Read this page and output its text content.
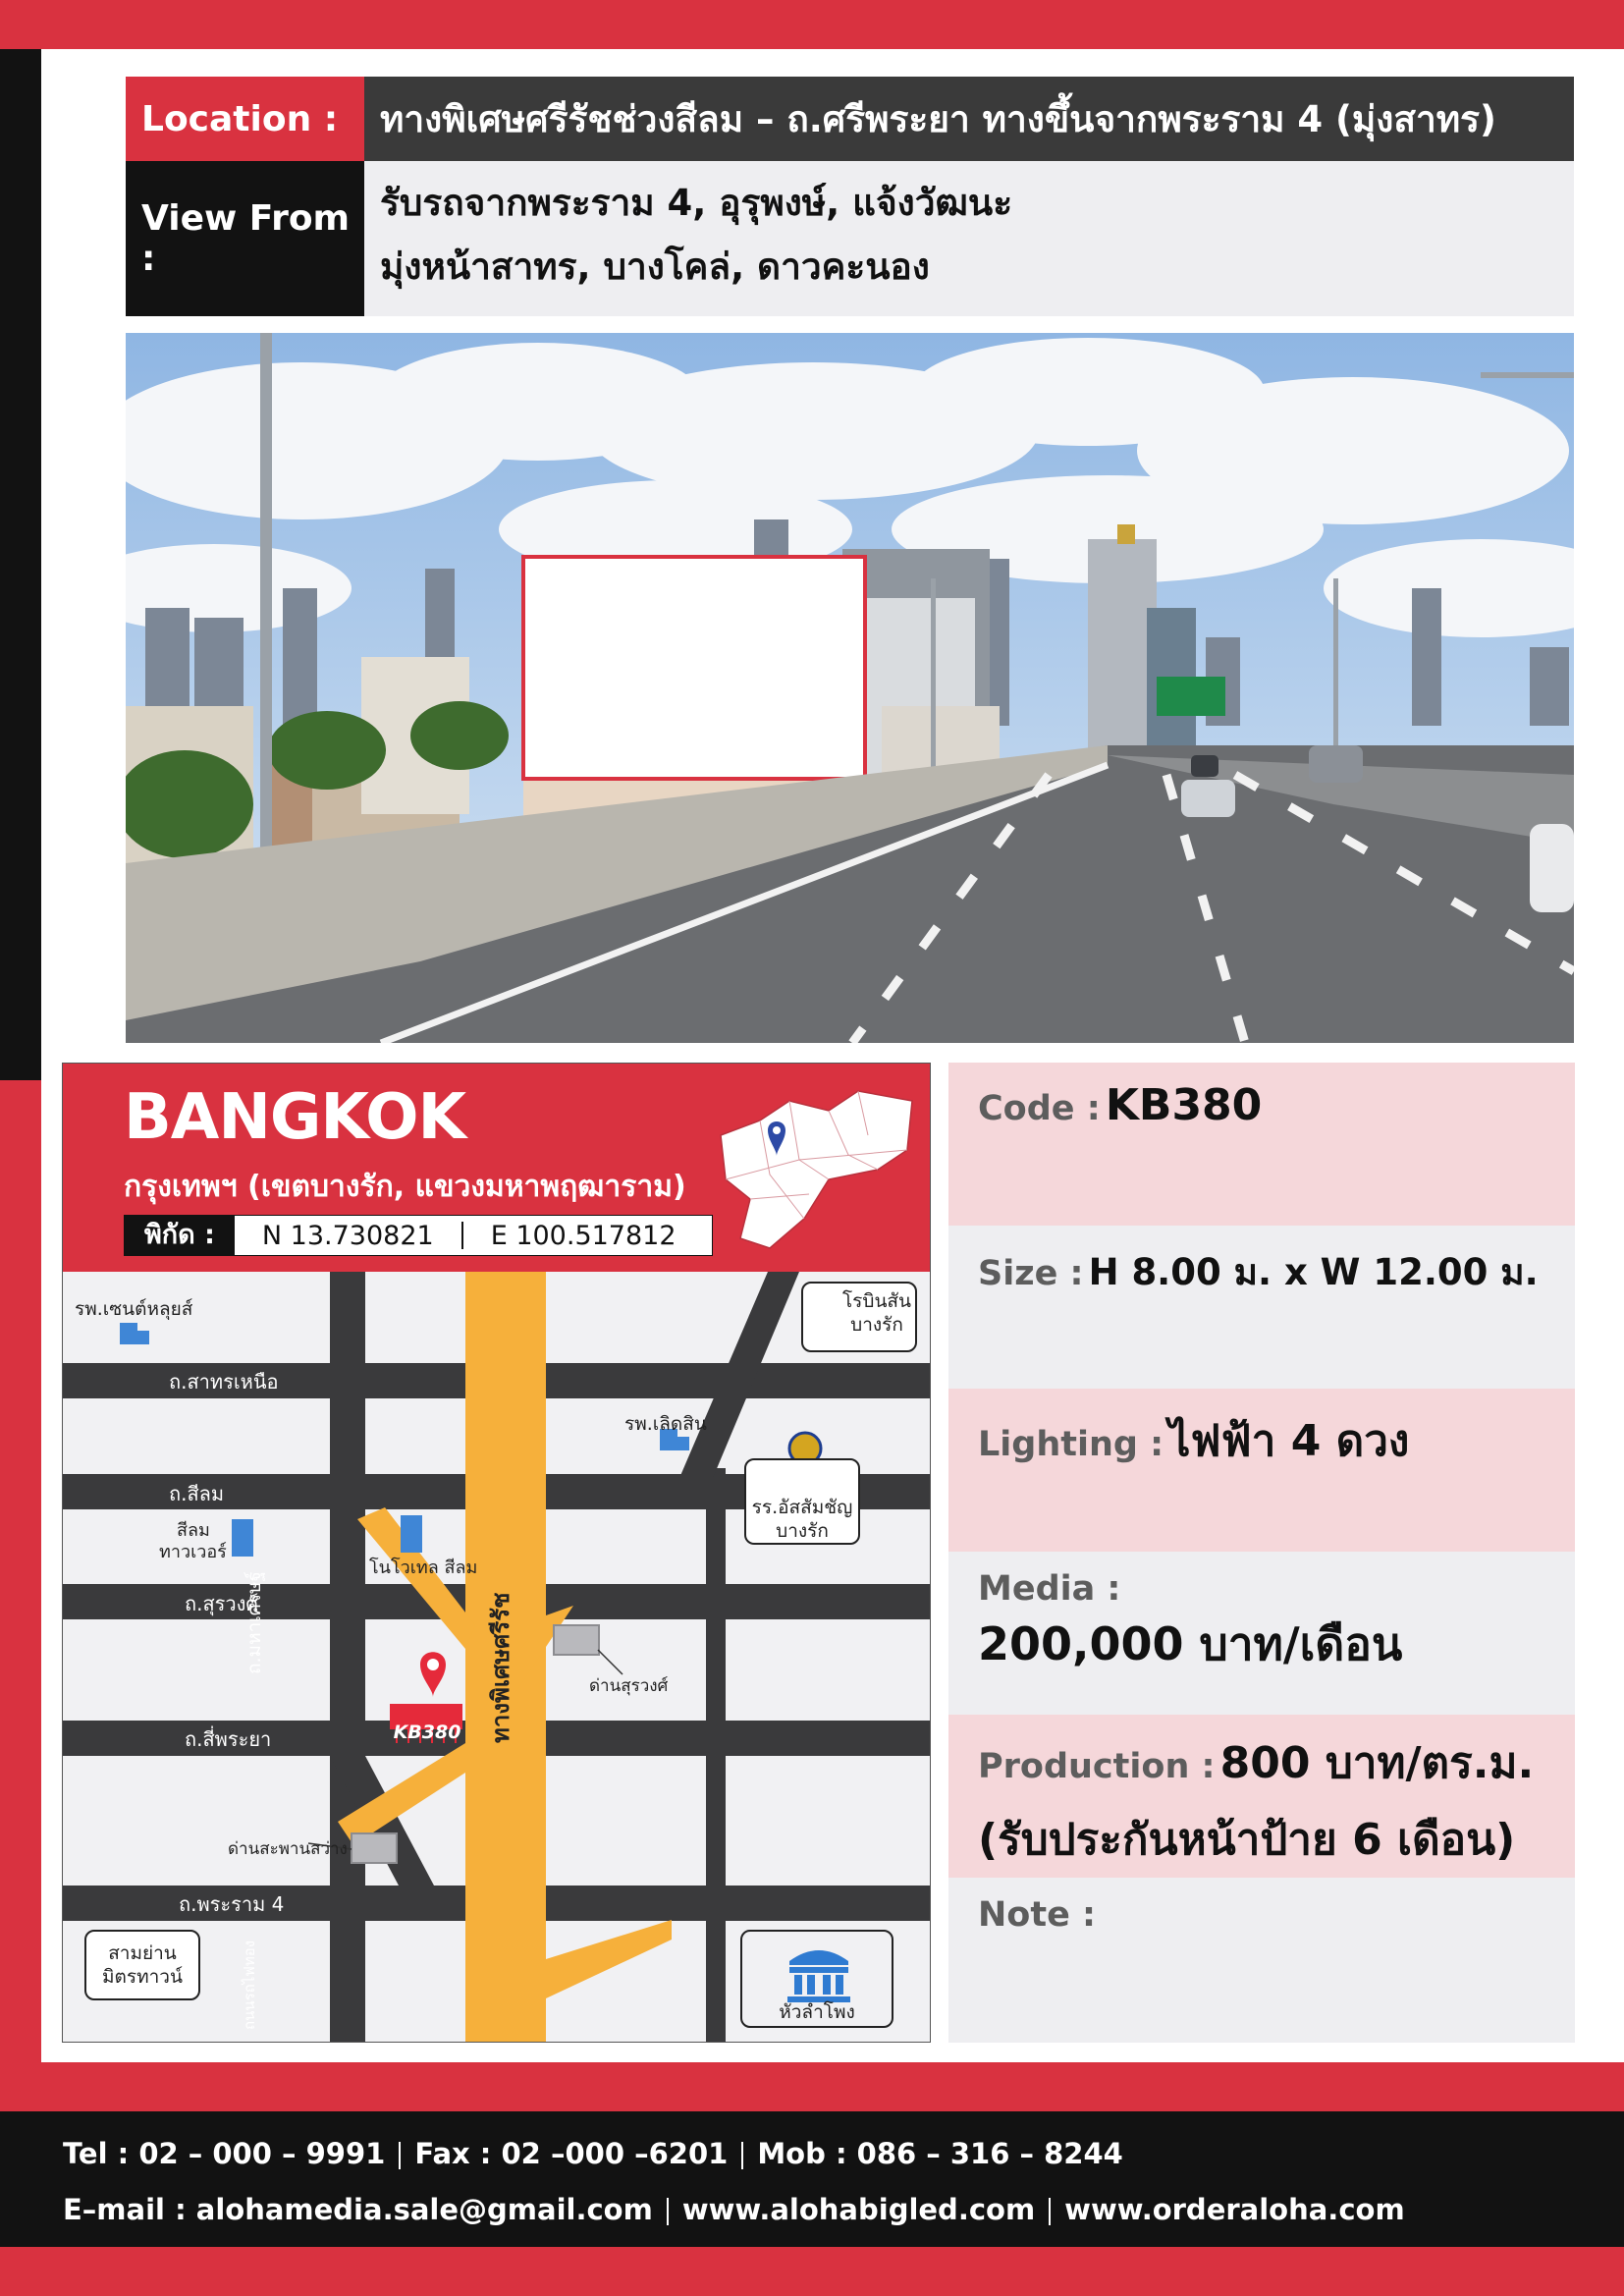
Location : ทางพิเศษศรีรัชช่วงสีลม – ถ.ศรีพระยา ทางขึ้นจากพระราม 4 (มุ่งสาทร)
View From :
รับรถจากพระราม 4, อุรุพงษ์, แจ้งวัฒนะ
มุ่งหน้าสาทร, บางโคล่, ดาวคะนอง
BANGKOK
กรุงเทพฯ (เขตบางรัก, แขวงมหาพฤฒาราม)
พิกัด :	N 13.730821	E 100.517812
ถ.สาทรเหนือ
ถ.สีลม
ถ.สุรวงศ์
ถ.สี่พระยา
ถ.พระราม 4
ถ.มหาเศรษฐ์
ถนนรถไฟทอง
ทางพิเศษศรีรัช
รพ.เซนต์หลุยส์	โรบินสัน
บางรัก
รพ.เลิดสิน
รร.อัสสัมชัญ
บางรัก
สีลม
ทาวเวอร์
โนโวเทล สีลม
ด่านสุรวงศ์
ด่านสะพานสว่าง
KB380
สามย่าน
มิตรทาวน์
หัวลำโพง
Code : KB380
Size : H 8.00 ม. x W 12.00 ม.
Lighting : ไฟฟ้า 4 ดวง
Media : 200,000 บาท/เดือน
Production : 800 บาท/ตร.ม.
(รับประกันหน้าป้าย 6 เดือน)
Note :
Tel : 02 – 000 – 9991 Fax : 02 –000 –6201 Mob : 086 – 316 – 8244
E–mail : alohamedia.sale@gmail.com www.alohabigled.com www.orderaloha.com
